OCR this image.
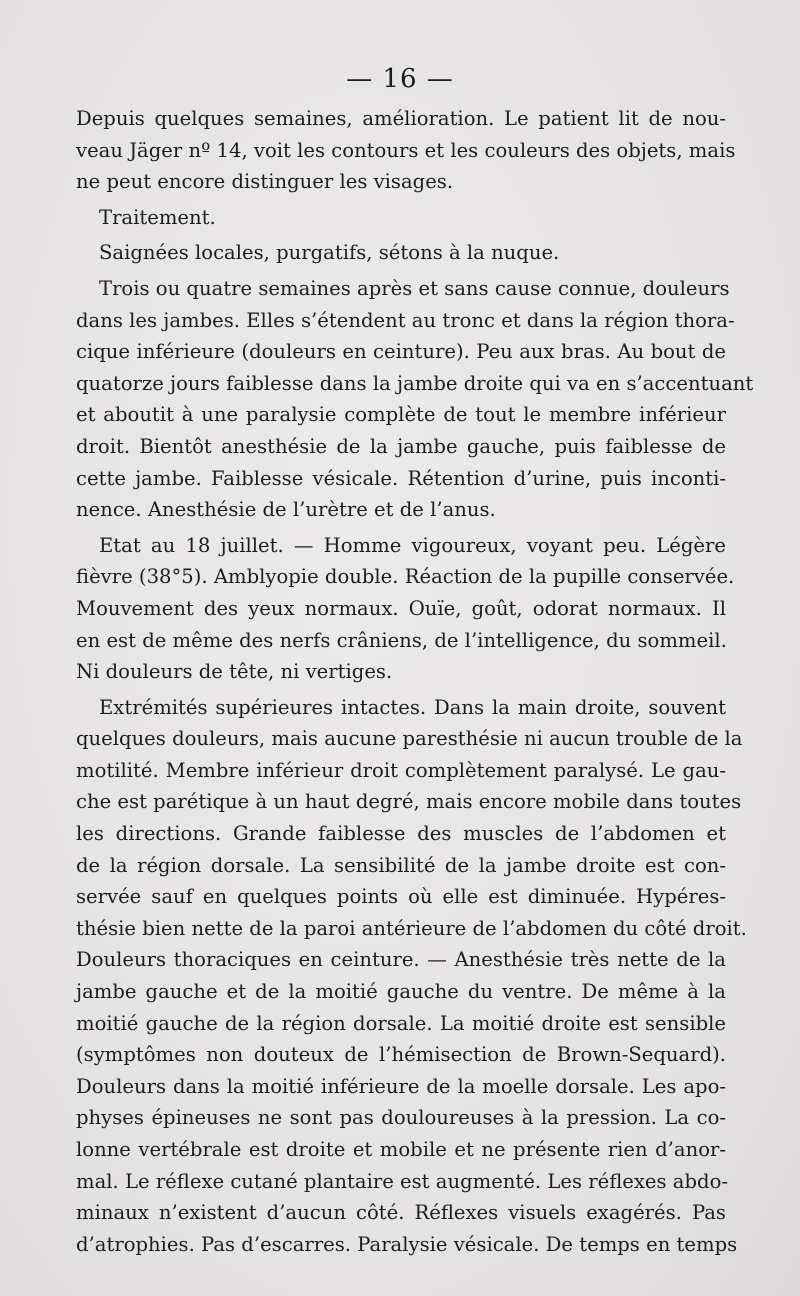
— 16 —

Depuis quelques semaines, amélioration. Le patient lit de nou-
veau Jäger nº 14, voit les contours et les couleurs des objets, mais
ne peut encore distinguer les visages.

Traitement.

Saignées locales, purgatifs, sétons à la nuque.

Trois ou quatre semaines après et sans cause connue, douleurs
dans les jambes. Elles s’étendent au tronc et dans la région thora-
cique inférieure (douleurs en ceinture). Peu aux bras. Au bout de
quatorze jours faiblesse dans la jambe droite qui va en s’accentuant
et aboutit à une paralysie complète de tout le membre inférieur
droit. Bientôt anesthésie de la jambe gauche, puis faiblesse de
cette jambe. Faiblesse vésicale. Rétention d’urine, puis inconti-
nence. Anesthésie de l’urètre et de l’anus.

Etat au 18 juillet. — Homme vigoureux, voyant peu. Légère
fièvre (38°5). Amblyopie double. Réaction de la pupille conservée.
Mouvement des yeux normaux. Ouïe, goût, odorat normaux. Il
en est de même des nerfs crâniens, de l’intelligence, du sommeil.
Ni douleurs de tête, ni vertiges.

Extrémités supérieures intactes. Dans la main droite, souvent
quelques douleurs, mais aucune paresthésie ni aucun trouble de la
motilité. Membre inférieur droit complètement paralysé. Le gau-
che est parétique à un haut degré, mais encore mobile dans toutes
les directions. Grande faiblesse des muscles de l’abdomen et
de la région dorsale. La sensibilité de la jambe droite est con-
servée sauf en quelques points où elle est diminuée. Hypéres-
thésie bien nette de la paroi antérieure de l’abdomen du côté droit.
Douleurs thoraciques en ceinture. — Anesthésie très nette de la
jambe gauche et de la moitié gauche du ventre. De même à la
moitié gauche de la région dorsale. La moitié droite est sensible
(symptômes non douteux de l’hémisection de Brown-Sequard).
Douleurs dans la moitié inférieure de la moelle dorsale. Les apo-
physes épineuses ne sont pas douloureuses à la pression. La co-
lonne vertébrale est droite et mobile et ne présente rien d’anor-
mal. Le réflexe cutané plantaire est augmenté. Les réflexes abdo-
minaux n’existent d’aucun côté. Réflexes visuels exagérés. Pas
d’atrophies. Pas d’escarres. Paralysie vésicale. De temps en temps
